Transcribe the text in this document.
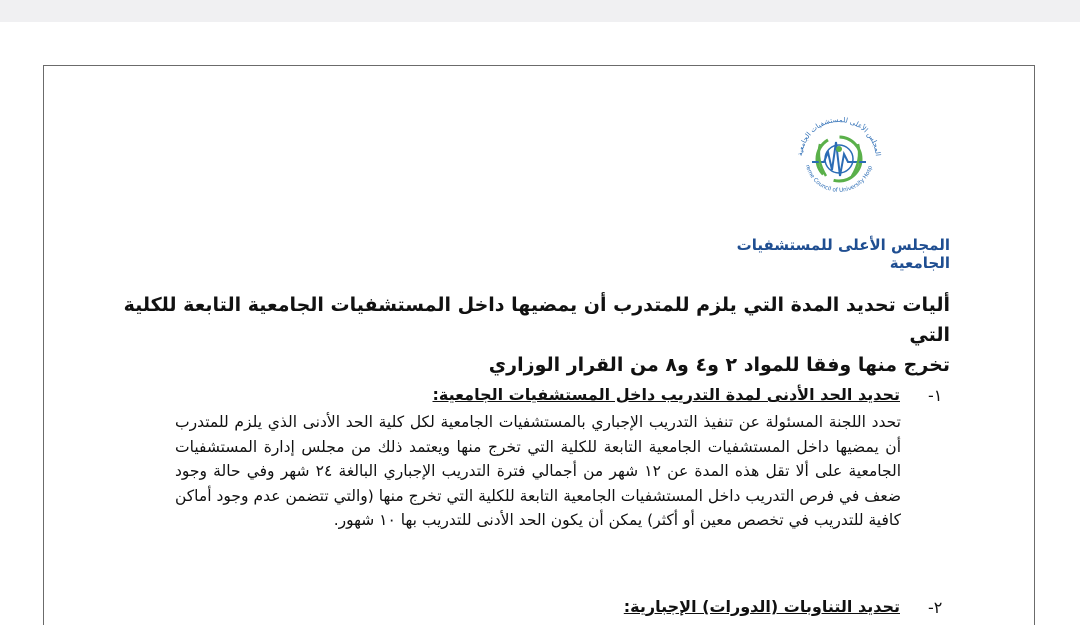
المجلس الأعلى للمستشفيات الجامعية
reme Council of University Hosp
المجلس الأعلى للمستشفيات الجامعية
أليات تحديد المدة التي يلزم للمتدرب أن يمضيها داخل المستشفيات الجامعية التابعة للكلية التي
تخرج منها وفقا للمواد ٢ و٤ و٨ من القرار الوزاري
١-
تحديد الحد الأدنى لمدة التدريب داخل المستشفيات الجامعية:
تحدد اللجنة المسئولة عن تنفيذ التدريب الإجباري بالمستشفيات الجامعية لكل كلية الحد الأدنى الذي يلزم للمتدرب أن يمضيها داخل المستشفيات الجامعية التابعة للكلية التي تخرج منها ويعتمد ذلك من مجلس إدارة المستشفيات الجامعية على ألا تقل هذه المدة عن ١٢ شهر من أجمالي فترة التدريب الإجباري البالغة ٢٤ شهر وفي حالة وجود ضعف في فرص التدريب داخل المستشفيات الجامعية التابعة للكلية التي تخرج منها (والتي تتضمن عدم وجود أماكن كافية للتدريب في تخصص معين أو أكثر) يمكن أن يكون الحد الأدنى للتدريب بها ١٠ شهور.
٢-
تحديد التناوبات (الدورات) الإجبارية:
